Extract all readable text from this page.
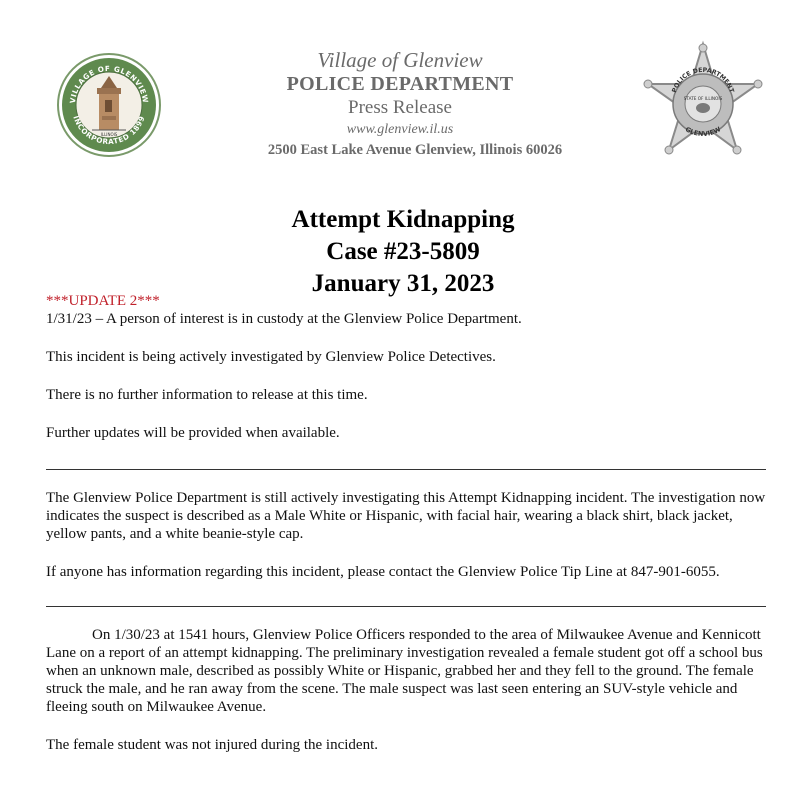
VILLAGE OF GLENVIEW
INCORPORATED 1899
ILLINOIS
Village of Glenview
POLICE DEPARTMENT
Press Release
www.glenview.il.us
2500 East Lake Avenue Glenview, Illinois 60026
POLICE DEPARTMENT
GLENVIEW
STATE OF ILLINOIS
Attempt Kidnapping
Case #23-5809
January 31, 2023

***UPDATE 2***

1/31/23 – A person of interest is in custody at the Glenview Police Department.

This incident is being actively investigated by Glenview Police Detectives.

There is no further information to release at this time.

Further updates will be provided when available.

The Glenview Police Department is still actively investigating this Attempt Kidnapping incident. The investigation now indicates the suspect is described as a Male White or Hispanic, with facial hair, wearing a black shirt, black jacket, yellow pants, and a white beanie-style cap.

If anyone has information regarding this incident, please contact the Glenview Police Tip Line at 847-901-6055.

On 1/30/23 at 1541 hours, Glenview Police Officers responded to the area of Milwaukee Avenue and Kennicott Lane on a report of an attempt kidnapping. The preliminary investigation revealed a female student got off a school bus when an unknown male, described as possibly White or Hispanic, grabbed her and they fell to the ground. The female struck the male, and he ran away from the scene. The male suspect was last seen entering an SUV-style vehicle and fleeing south on Milwaukee Avenue.

The female student was not injured during the incident.
